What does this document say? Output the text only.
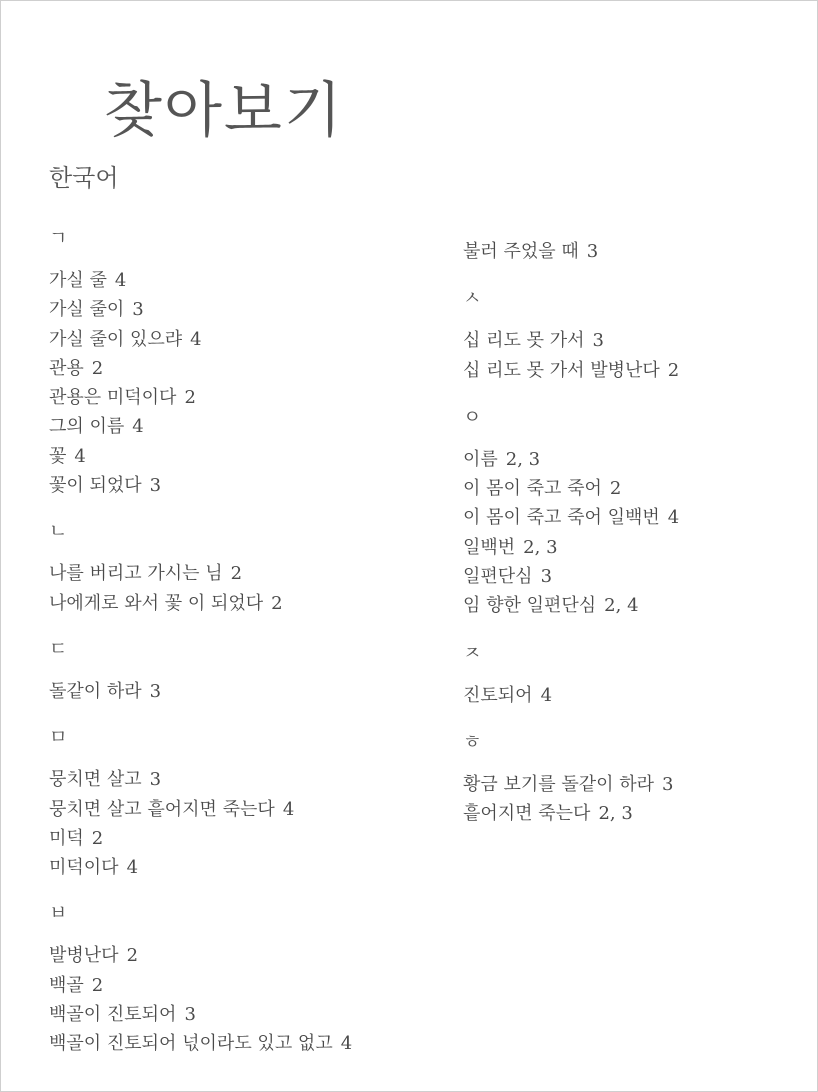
찾아보기
한국어
ㄱ
가실 줄 4
가실 줄이 3
가실 줄이 있으랴 4
관용 2
관용은 미덕이다 2
그의 이름 4
꽃 4
꽃이 되었다 3
ㄴ
나를 버리고 가시는 님 2
나에게로 와서 꽃 이 되었다 2
ㄷ
돌같이 하라 3
ㅁ
뭉치면 살고 3
뭉치면 살고 흩어지면 죽는다 4
미덕 2
미덕이다 4
ㅂ
발병난다 2
백골 2
백골이 진토되어 3
백골이 진토되어 넋이라도 있고 없고 4
불러 주었을 때 3
ㅅ
십 리도 못 가서 3
십 리도 못 가서 발병난다 2
ㅇ
이름 2, 3
이 몸이 죽고 죽어 2
이 몸이 죽고 죽어 일백번 4
일백번 2, 3
일편단심 3
임 향한 일편단심 2, 4
ㅈ
진토되어 4
ㅎ
황금 보기를 돌같이 하라 3
흩어지면 죽는다 2, 3
